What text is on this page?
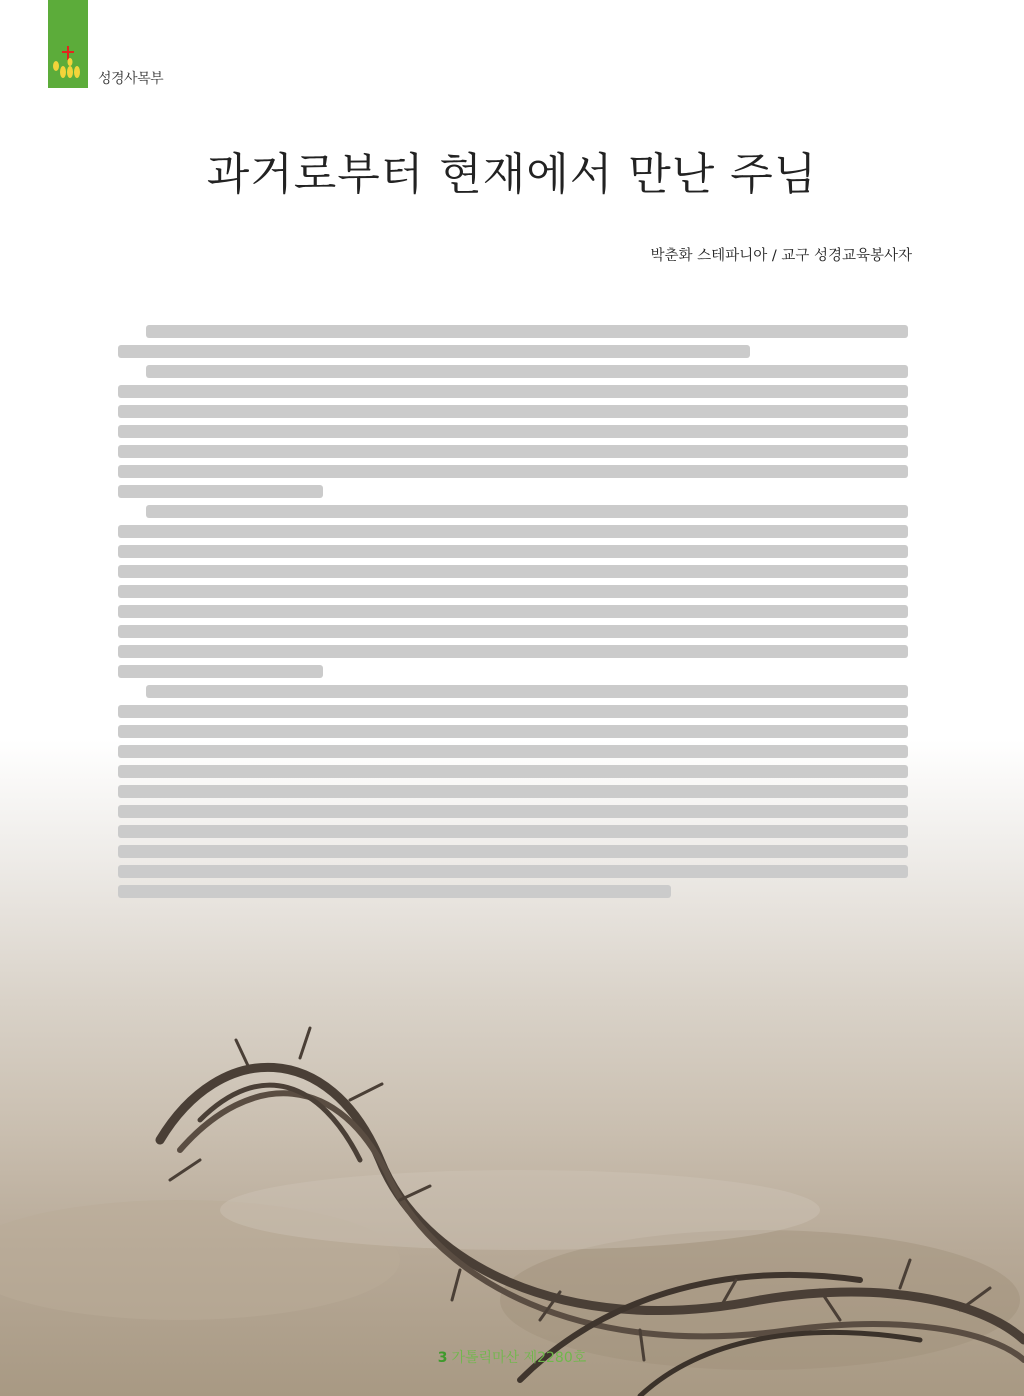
성경사목부
과거로부터 현재에서 만난 주님
박춘화 스테파니아 / 교구 성경교육봉사자
3 가톨릭마산 제2280호
